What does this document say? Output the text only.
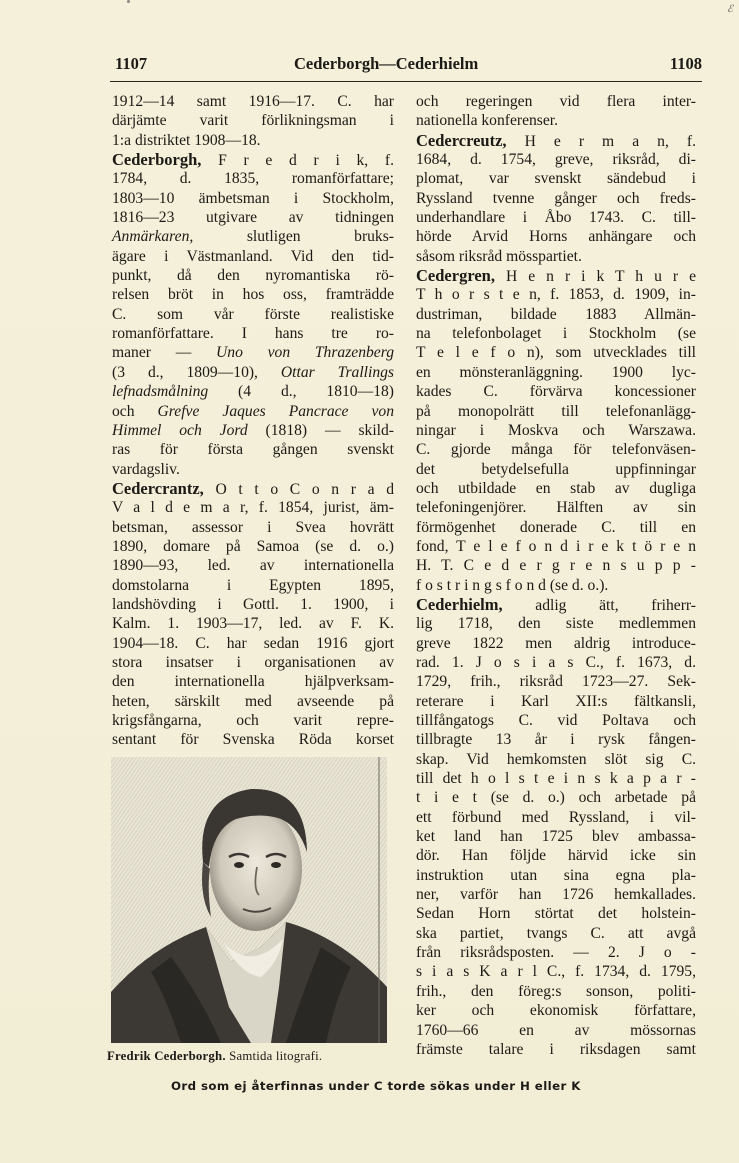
ℰ
1107	Cederborgh—Cederhielm	1108
1912—14 samt 1916—17. C. har
därjämte varit förlikningsman i
1:a distriktet 1908—18.
Cederborgh, F r e d r i k, f.
1784, d. 1835, romanförfattare;
1803—10 ämbetsman i Stockholm,
1816—23 utgivare av tidningen
Anmärkaren, slutligen bruks-
ägare i Västmanland. Vid den tid-
punkt, då den nyromantiska rö-
relsen bröt in hos oss, framträdde
C. som vår förste realistiske
romanförfattare. I hans tre ro-
maner — Uno von Thrazenberg
(3 d., 1809—10), Ottar Trallings
lefnadsmålning (4 d., 1810—18)
och Grefve Jaques Pancrace von
Himmel och Jord (1818) — skild-
ras för första gången svenskt
vardagsliv.
Cedercrantz, O t t o C o n r a d
V a l d e m a r, f. 1854, jurist, äm-
betsman, assessor i Svea hovrätt
1890, domare på Samoa (se d. o.)
1890—93, led. av internationella
domstolarna i Egypten 1895,
landshövding i Gottl. 1. 1900, i
Kalm. 1. 1903—17, led. av F. K.
1904—18. C. har sedan 1916 gjort
stora insatser i organisationen av
den internationella hjälpverksam-
heten, särskilt med avseende på
krigsfångarna, och varit repre-
sentant för Svenska Röda korset
och regeringen vid flera inter-
nationella konferenser.
Cedercreutz, H e r m a n, f.
1684, d. 1754, greve, riksråd, di-
plomat, var svenskt sändebud i
Ryssland tvenne gånger och freds-
underhandlare i Åbo 1743. C. till-
hörde Arvid Horns anhängare och
såsom riksråd mösspartiet.
Cedergren, H e n r i k T h u r e
T h o r s t e n, f. 1853, d. 1909, in-
dustriman, bildade 1883 Allmän-
na telefonbolaget i Stockholm (se
T e l e f o n), som utvecklades till
en mönsteranläggning. 1900 lyc-
kades C. förvärva koncessioner
på monopolrätt till telefonanlägg-
ningar i Moskva och Warszawa.
C. gjorde många för telefonväsen-
det betydelsefulla uppfinningar
och utbildade en stab av dugliga
telefoningenjörer. Hälften av sin
förmögenhet donerade C. till en
fond, T e l e f o n d i r e k t ö r e n
H. T. C e d e r g r e n s u p p -
f o s t r i n g s f o n d (se d. o.).
Cederhielm, adlig ätt, friherr-
lig 1718, den siste medlemmen
greve 1822 men aldrig introduce-
rad. 1. J o s i a s C., f. 1673, d.
1729, frih., riksråd 1723—27. Sek-
reterare i Karl XII:s fältkansli,
tillfångatogs C. vid Poltava och
tillbragte 13 år i rysk fången-
skap. Vid hemkomsten slöt sig C.
till det h o l s t e i n s k a p a r -
t i e t (se d. o.) och arbetade på
ett förbund med Ryssland, i vil-
ket land han 1725 blev ambassa-
dör. Han följde härvid icke sin
instruktion utan sina egna pla-
ner, varför han 1726 hemkallades.
Sedan Horn störtat det holstein-
ska partiet, tvangs C. att avgå
från riksrådsposten. — 2. J o -
s i a s K a r l C., f. 1734, d. 1795,
frih., den föreg:s sonson, politi-
ker och ekonomisk författare,
1760—66 en av mössornas
främste talare i riksdagen samt
Fredrik Cederborgh. Samtida litografi.
Ord som ej återfinnas under C torde sökas under H eller K
